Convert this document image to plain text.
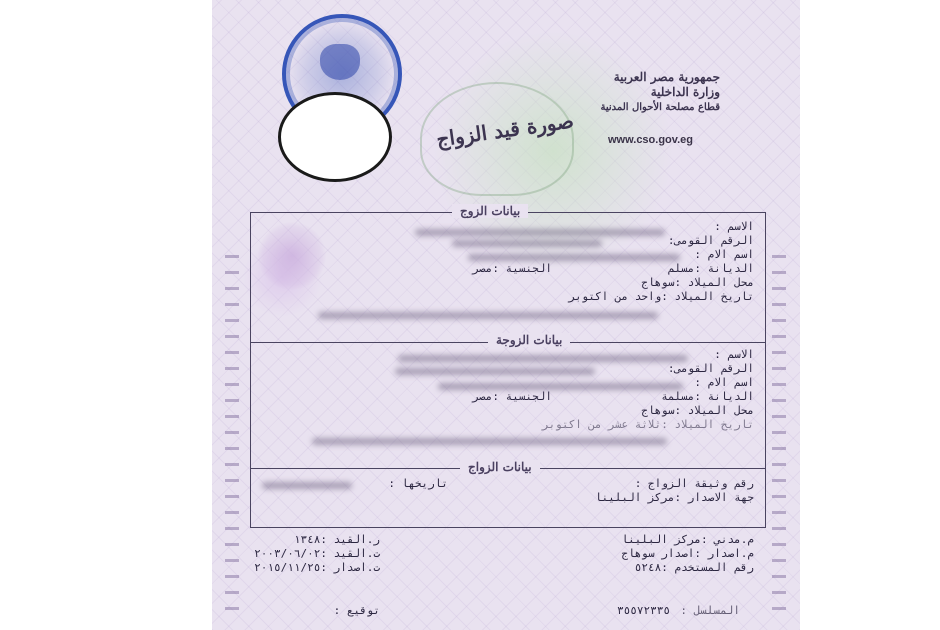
جمهورية مصر العربية
وزارة الداخلية
قطاع مصلحة الأحوال المدنية
www.cso.gov.eg
صورة قيد الزواج
بيانات الزوج
الاسم :
الرقم القومى:
اسم الام :
الديانة :مسلم
الجنسية :مصر
محل الميلاد :سوهاج
تاريخ الميلاد :واحد من اكتوبر
بيانات الزوجة
الاسم :
الرقم القومى:
اسم الام :
الديانة :مسلمة
الجنسية :مصر
محل الميلاد :سوهاج
تاريخ الميلاد :ثلاثة عشر من اكتوبر
بيانات الزواج
رقم وثيقة الزواج :
تاريخها :
جهة الاصدار :مركز البلينا
م.مدني :مركز البلينا
م.اصدار :اصدار سوهاج
رقم المستخدم :٥٢٤٨
ر.القيد :١٣٤٨
ت.القيد :٢٠٠٣/٠٦/٠٢
ت.اصدار :٢٠١٥/١١/٢٥
المسلسل :
٣٥٥٧٢٣٣٥
توقيع :
